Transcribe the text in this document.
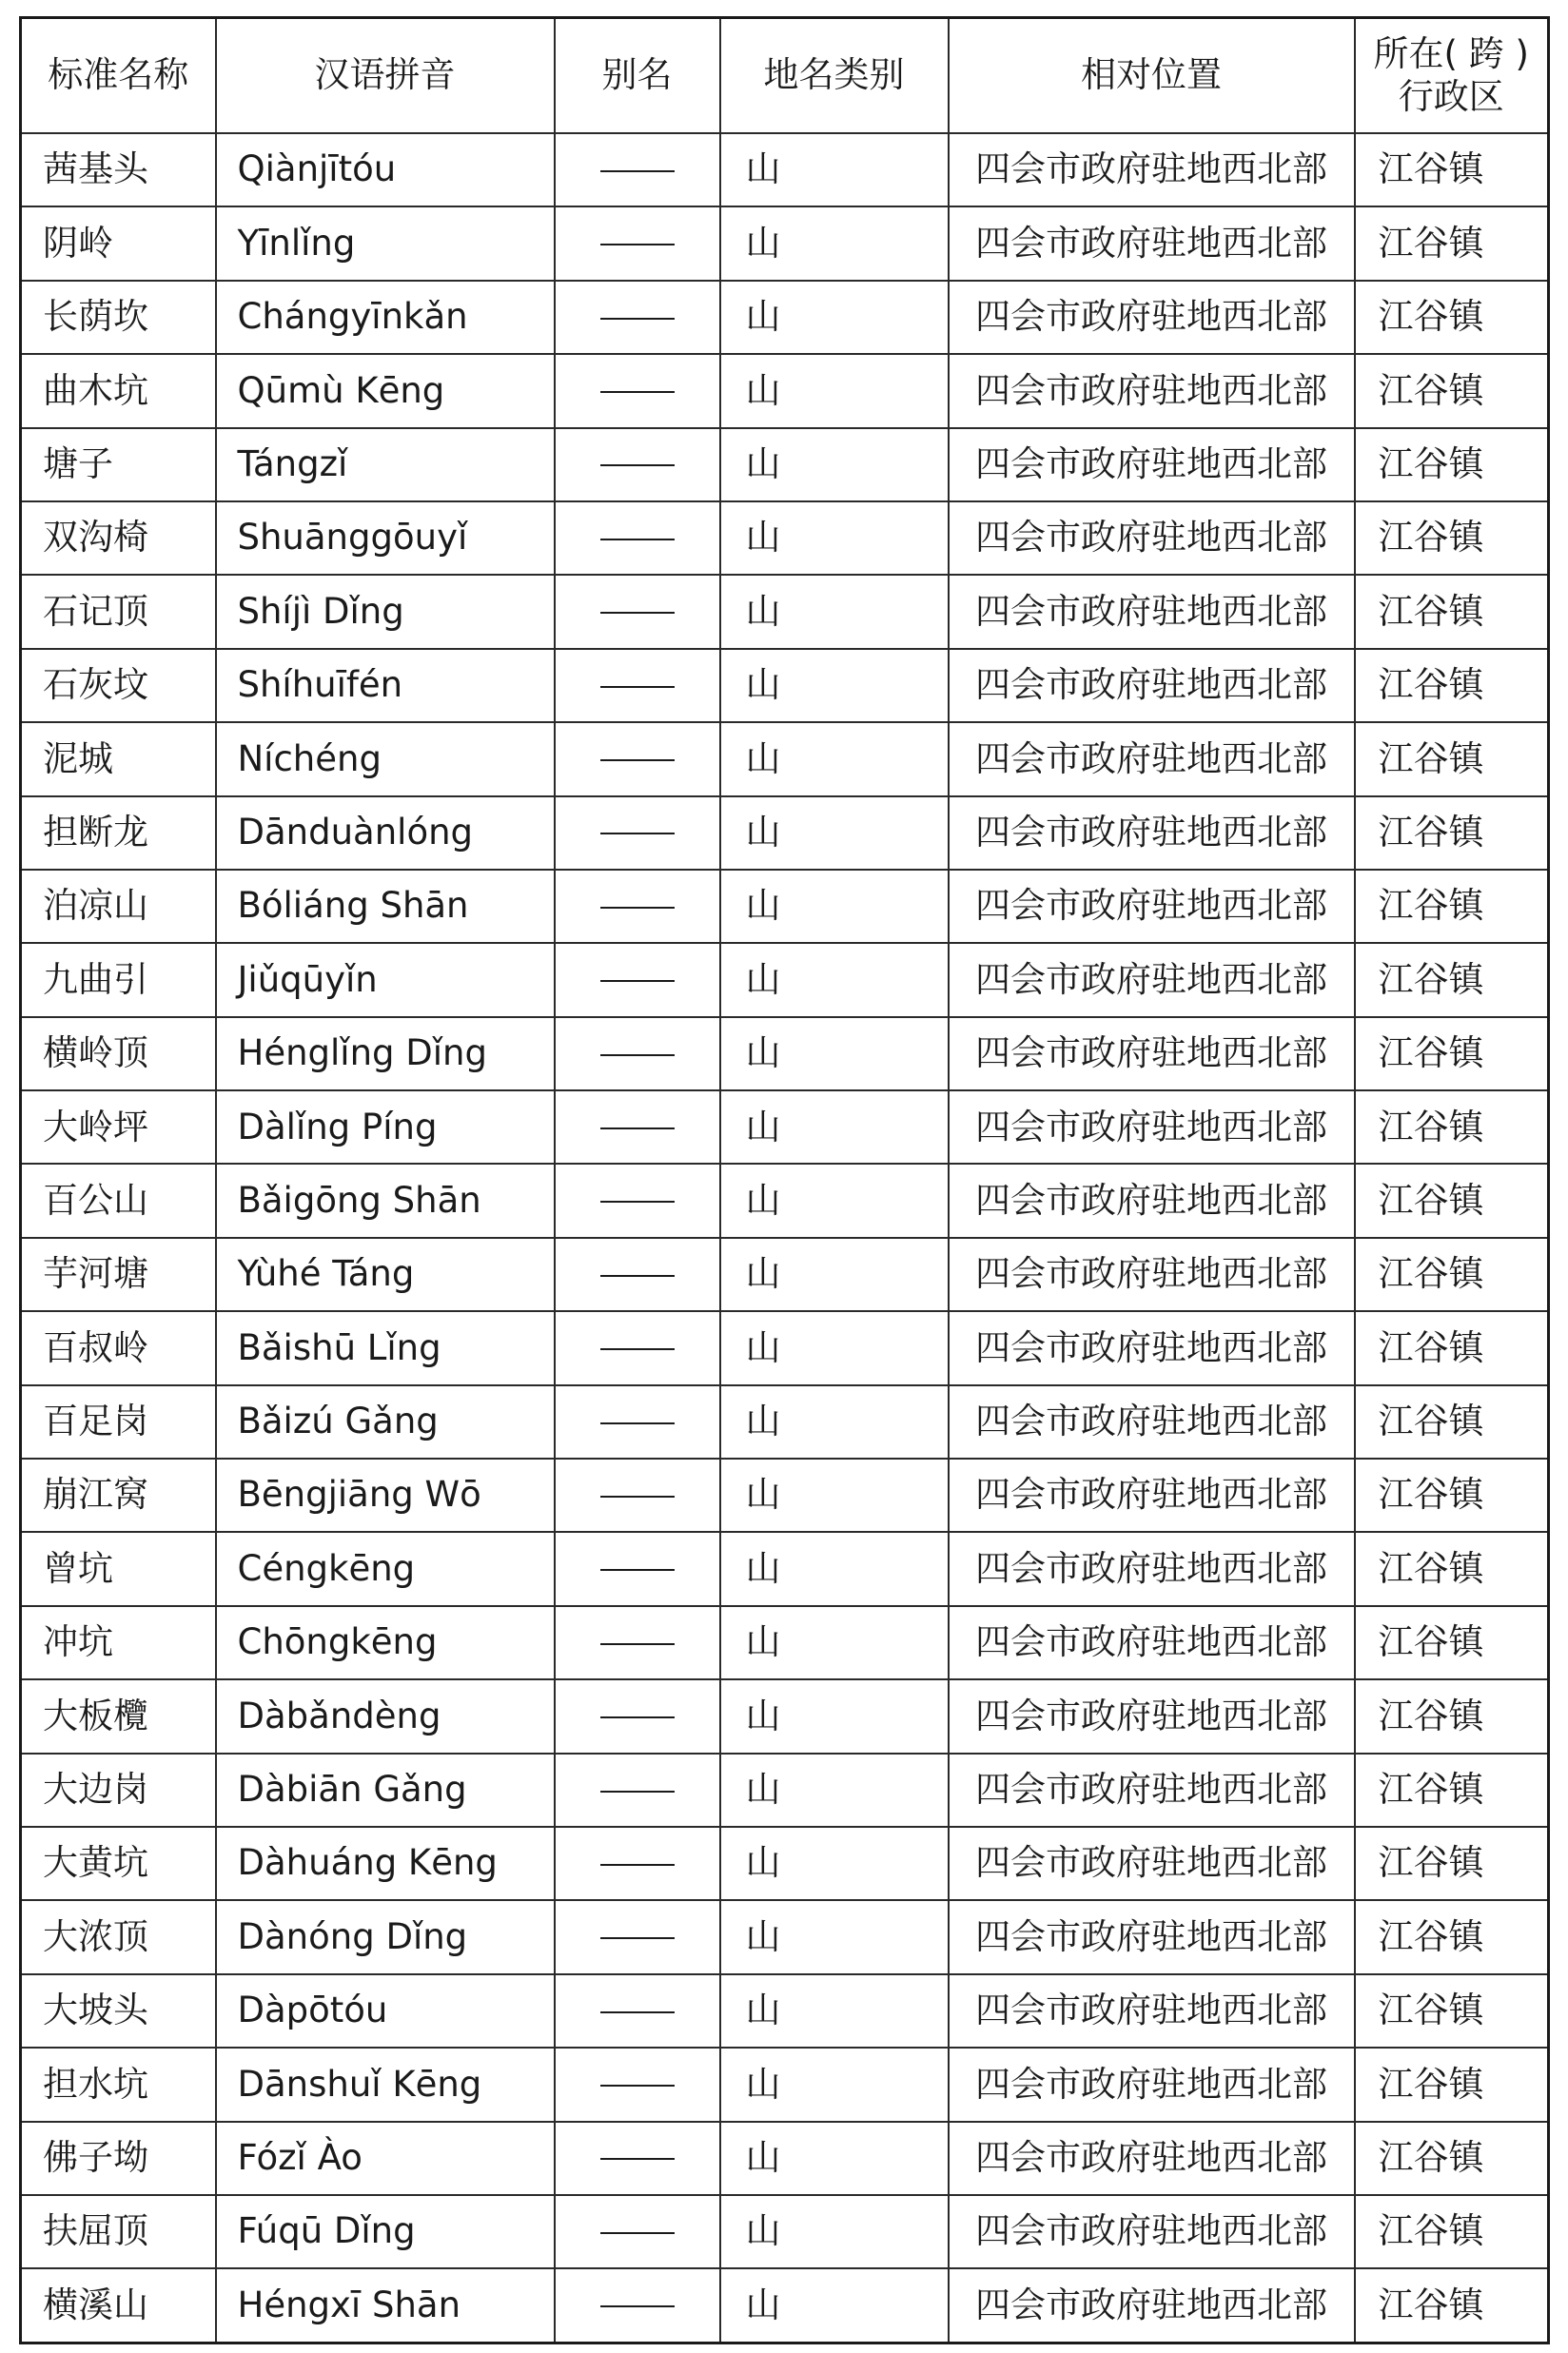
标准名称	汉语拼音	别名	地名类别	相对位置	所在( 跨 )
行政区
茜基头	Qiànjītóu		山	四会市政府驻地西北部	江谷镇
阴岭	Yīnlǐng		山	四会市政府驻地西北部	江谷镇
长荫坎	Chángyīnkǎn		山	四会市政府驻地西北部	江谷镇
曲木坑	Qūmù Kēng		山	四会市政府驻地西北部	江谷镇
塘子	Tángzǐ		山	四会市政府驻地西北部	江谷镇
双沟椅	Shuānggōuyǐ		山	四会市政府驻地西北部	江谷镇
石记顶	Shíjì Dǐng		山	四会市政府驻地西北部	江谷镇
石灰坟	Shíhuīfén		山	四会市政府驻地西北部	江谷镇
泥城	Níchéng		山	四会市政府驻地西北部	江谷镇
担断龙	Dānduànlóng		山	四会市政府驻地西北部	江谷镇
泊凉山	Bóliáng Shān		山	四会市政府驻地西北部	江谷镇
九曲引	Jiǔqūyǐn		山	四会市政府驻地西北部	江谷镇
横岭顶	Hénglǐng Dǐng		山	四会市政府驻地西北部	江谷镇
大岭坪	Dàlǐng Píng		山	四会市政府驻地西北部	江谷镇
百公山	Bǎigōng Shān		山	四会市政府驻地西北部	江谷镇
芋河塘	Yùhé Táng		山	四会市政府驻地西北部	江谷镇
百叔岭	Bǎishū Lǐng		山	四会市政府驻地西北部	江谷镇
百足岗	Bǎizú Gǎng		山	四会市政府驻地西北部	江谷镇
崩江窝	Bēngjiāng Wō		山	四会市政府驻地西北部	江谷镇
曾坑	Céngkēng		山	四会市政府驻地西北部	江谷镇
冲坑	Chōngkēng		山	四会市政府驻地西北部	江谷镇
大板欖	Dàbǎndèng		山	四会市政府驻地西北部	江谷镇
大边岗	Dàbiān Gǎng		山	四会市政府驻地西北部	江谷镇
大黄坑	Dàhuáng Kēng		山	四会市政府驻地西北部	江谷镇
大浓顶	Dànóng Dǐng		山	四会市政府驻地西北部	江谷镇
大坡头	Dàpōtóu		山	四会市政府驻地西北部	江谷镇
担水坑	Dānshuǐ Kēng		山	四会市政府驻地西北部	江谷镇
佛子坳	Fózǐ Ào		山	四会市政府驻地西北部	江谷镇
扶屈顶	Fúqū Dǐng		山	四会市政府驻地西北部	江谷镇
横溪山	Héngxī Shān		山	四会市政府驻地西北部	江谷镇
